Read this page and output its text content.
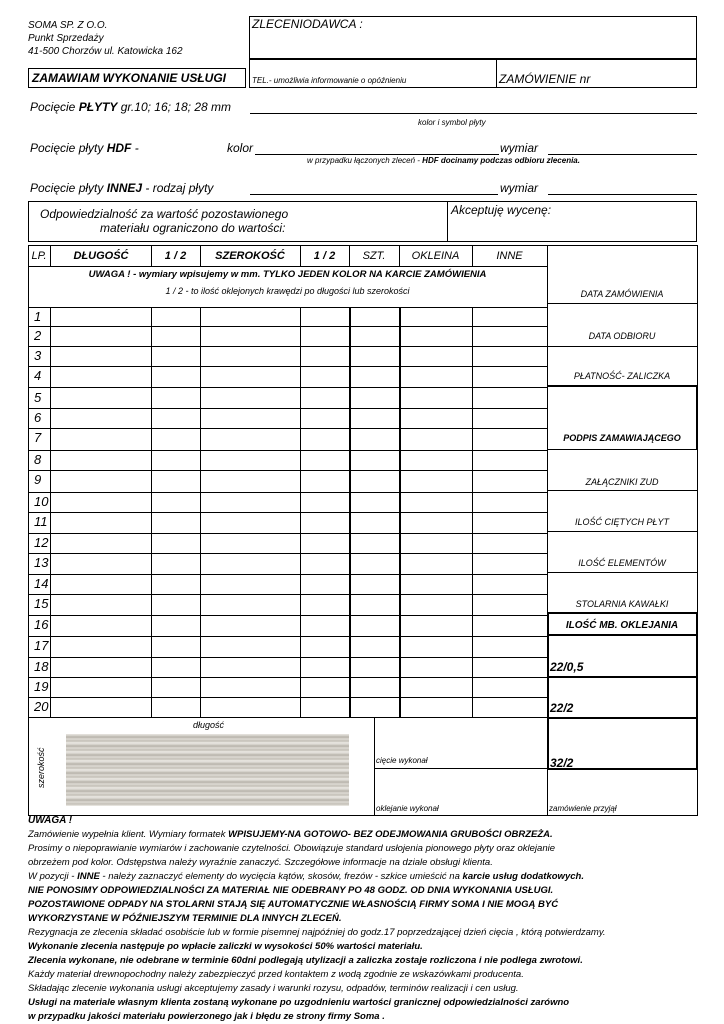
SOMA SP. Z O.O.
Punkt Sprzedaży
41-500 Chorzów ul. Katowicka 162
ZLECENIODAWCA :
ZAMAWIAM WYKONANIE USŁUGI	TEL.- umożliwia informowanie o opóźnieniu	ZAMÓWIENIE nr
Pocięcie PŁYTY gr.10; 16; 18; 28 mm
kolor i symbol płyty
Pocięcie płyty HDF -	kolor	wymiar
w przypadku łączonych zleceń - HDF docinamy podczas odbioru zlecenia.
Pocięcie płyty INNEJ - rodzaj płyty	wymiar
Odpowiedzialność za wartość pozostawionego
materiału ograniczono do wartości:
Akceptuję wycenę:
LP.	DŁUGOŚĆ	1 / 2	SZEROKOŚĆ	1 / 2	SZT.	OKLEINA	INNE
UWAGA ! - wymiary wpisujemy w mm. TYLKO JEDEN KOLOR NA KARCIE ZAMÓWIENIA
1 / 2 - to ilość oklejonych krawędzi po długości lub szerokości
1
2
3
4
5
6
7
8
9
10
11
12
13
14
15
16
17
18
19
20
DATA ZAMÓWIENIA
DATA ODBIORU
PŁATNOŚĆ- ZALICZKA
PODPIS ZAMAWIAJĄCEGO
ZAŁĄCZNIKI ZUD
ILOŚĆ CIĘTYCH PŁYT
ILOŚĆ ELEMENTÓW
STOLARNIA KAWAŁKI
ILOŚĆ MB. OKLEJANIA
22/0,5
22/2
32/2
zamówienie przyjął
długość
szerokość	cięcie wykonał
oklejanie wykonał

UWAGA !

Zamówienie wypełnia klient. Wymiary formatek WPISUJEMY-NA GOTOWO- BEZ ODEJMOWANIA GRUBOŚCI OBRZEŻA.

Prosimy o niepoprawianie wymiarów i zachowanie czytelności. Obowiązuje standard usłojenia pionowego płyty oraz oklejanie

obrzeżem pod kolor. Odstępstwa należy wyraźnie zanaczyć. Szczegółowe informacje na dziale obsługi klienta.

W pozycji - INNE - należy zaznaczyć elementy do wycięcia kątów, skosów, frezów - szkice umieścić na karcie usług dodatkowych.

NIE PONOSIMY ODPOWIEDZIALNOŚCI ZA MATERIAŁ NIE ODEBRANY PO 48 GODZ. OD DNIA WYKONANIA USŁUGI.

POZOSTAWIONE ODPADY NA STOLARNI STAJĄ SIĘ AUTOMATYCZNIE WŁASNOŚCIĄ FIRMY SOMA I NIE MOGĄ BYĆ

WYKORZYSTANE W PÓŹNIEJSZYM TERMINIE DLA INNYCH ZLECEŃ.

Rezygnacja ze zlecenia składać osobiście lub w formie pisemnej najpóźniej do godz.17 poprzedzającej dzień cięcia , którą potwierdzamy.

Wykonanie zlecenia następuje po wpłacie zaliczki w wysokości 50% wartości materiału.

Zlecenia wykonane, nie odebrane w terminie 60dni podlegają utylizacji a zaliczka zostaje rozliczona i nie podlega zwrotowi.

Każdy materiał drewnopochodny należy zabezpieczyć przed kontaktem z wodą zgodnie ze wskazówkami producenta.

Składając zlecenie wykonania usługi akceptujemy zasady i warunki rozysu, odpadów, terminów realizacji i cen usług.

Usługi na materiale własnym klienta zostaną wykonane po uzgodnieniu wartości granicznej odpowiedzialności zarówno

w przypadku jakości materiału powierzonego jak i błędu ze strony firmy Soma .
